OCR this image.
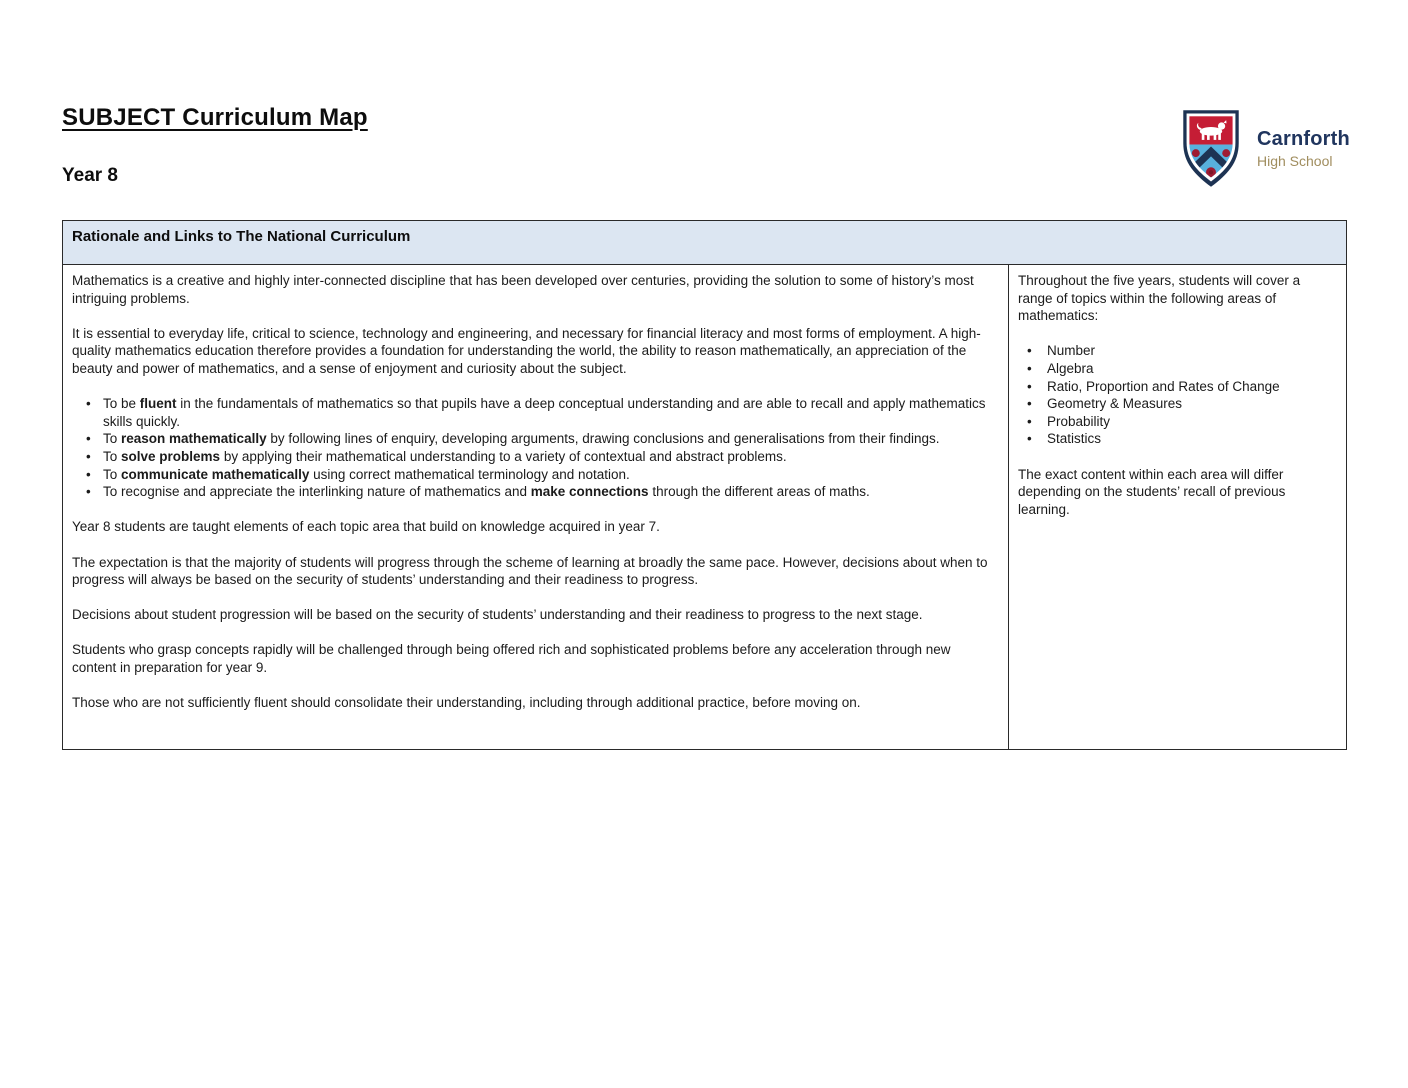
SUBJECT Curriculum Map
Year 8
Carnforth
High School
Rationale and Links to The National Curriculum

Mathematics is a creative and highly inter-connected discipline that has been developed over centuries, providing the solution to some of history’s most intriguing problems.

It is essential to everyday life, critical to science, technology and engineering, and necessary for financial literacy and most forms of employment. A high-quality mathematics education therefore provides a foundation for understanding the world, the ability to reason mathematically, an appreciation of the beauty and power of mathematics, and a sense of enjoyment and curiosity about the subject.

• To be fluent in the fundamentals of mathematics so that pupils have a deep conceptual understanding and are able to recall and apply mathematics skills quickly.
• To reason mathematically by following lines of enquiry, developing arguments, drawing conclusions and generalisations from their findings.
• To solve problems by applying their mathematical understanding to a variety of contextual and abstract problems.
• To communicate mathematically using correct mathematical terminology and notation.
• To recognise and appreciate the interlinking nature of mathematics and make connections through the different areas of maths.

Year 8 students are taught elements of each topic area that build on knowledge acquired in year 7.

The expectation is that the majority of students will progress through the scheme of learning at broadly the same pace. However, decisions about when to progress will always be based on the security of students’ understanding and their readiness to progress.

Decisions about student progression will be based on the security of students’ understanding and their readiness to progress to the next stage.

Students who grasp concepts rapidly will be challenged through being offered rich and sophisticated problems before any acceleration through new content in preparation for year 9.

Those who are not sufficiently fluent should consolidate their understanding, including through additional practice, before moving on.

Throughout the five years, students will cover a range of topics within the following areas of mathematics:

• Number
• Algebra
• Ratio, Proportion and Rates of Change
• Geometry & Measures
• Probability
• Statistics

The exact content within each area will differ depending on the students’ recall of previous learning.
